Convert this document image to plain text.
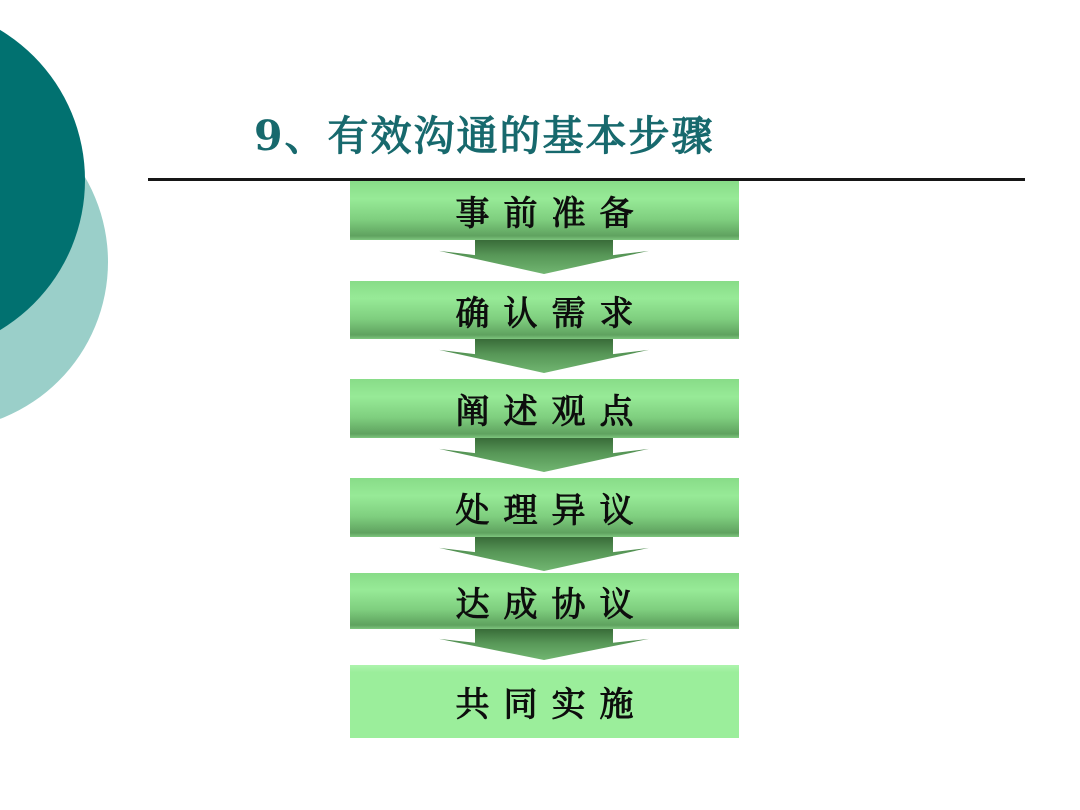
9、有效沟通的基本步骤
事前准备
确认需求
阐述观点
处理异议
达成协议
共同实施
